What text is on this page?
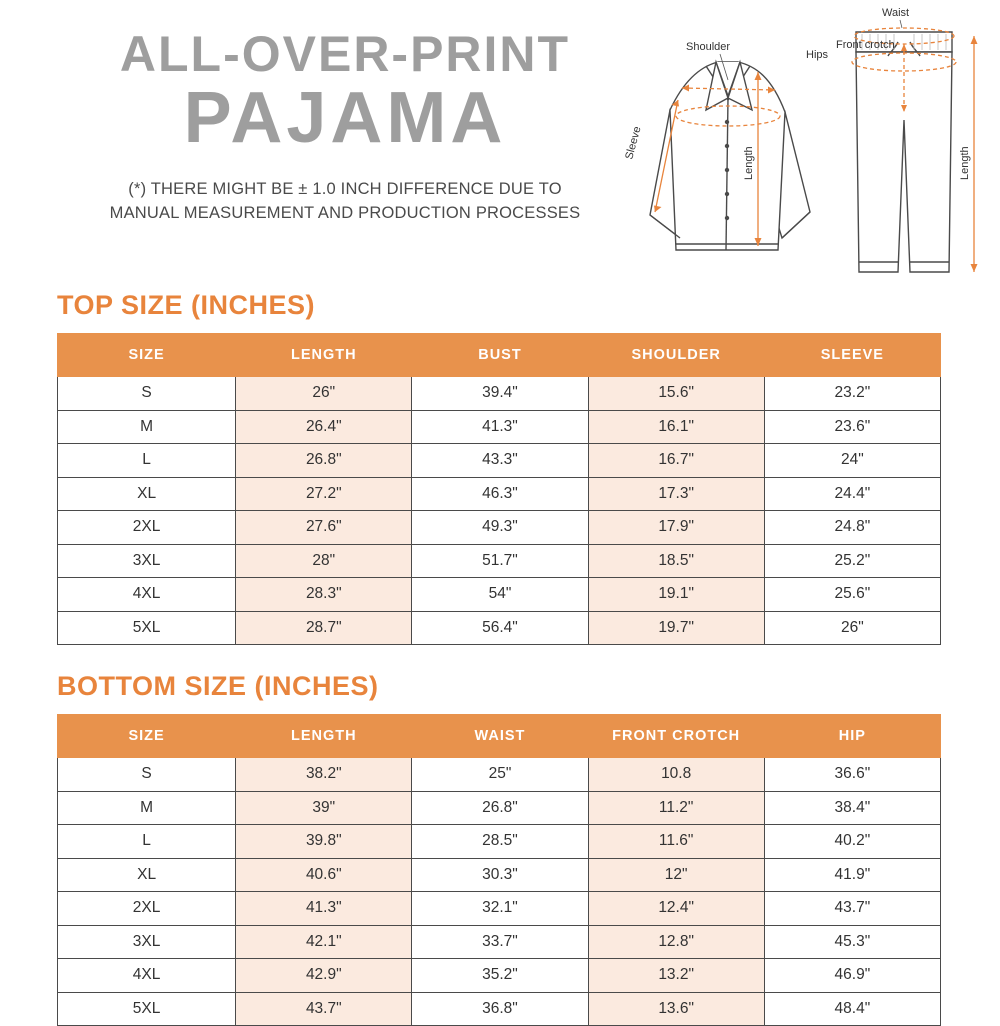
ALL-OVER-PRINT
PAJAMA
(*) THERE MIGHT BE ± 1.0 INCH DIFFERENCE DUE TO
MANUAL MEASUREMENT AND PRODUCTION PROCESSES
Shoulder
Length
Sleeve
Waist
Hips
Front crotch
Length
TOP SIZE (INCHES)
SIZE	LENGTH	BUST	SHOULDER	SLEEVE
S	26"	39.4"	15.6"	23.2"
M	26.4"	41.3"	16.1"	23.6"
L	26.8"	43.3"	16.7"	24"
XL	27.2"	46.3"	17.3"	24.4"
2XL	27.6"	49.3"	17.9"	24.8"
3XL	28"	51.7"	18.5"	25.2"
4XL	28.3"	54"	19.1"	25.6"
5XL	28.7"	56.4"	19.7"	26"
BOTTOM SIZE (INCHES)
SIZE	LENGTH	WAIST	FRONT CROTCH	HIP
S	38.2"	25"	10.8	36.6"
M	39"	26.8"	11.2"	38.4"
L	39.8"	28.5"	11.6"	40.2"
XL	40.6"	30.3"	12"	41.9"
2XL	41.3"	32.1"	12.4"	43.7"
3XL	42.1"	33.7"	12.8"	45.3"
4XL	42.9"	35.2"	13.2"	46.9"
5XL	43.7"	36.8"	13.6"	48.4"
